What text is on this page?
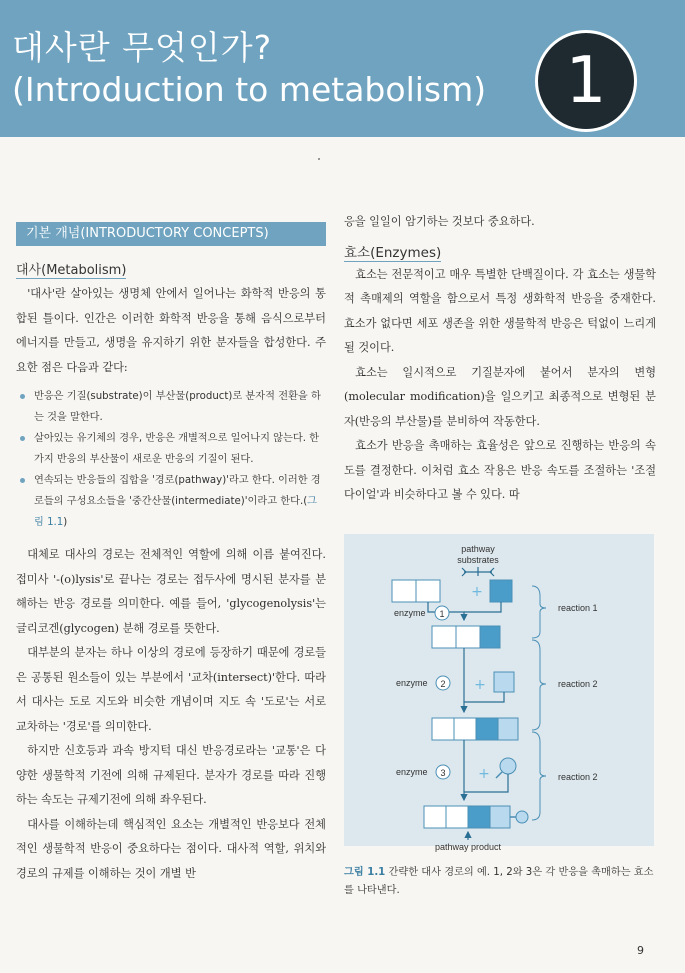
대사란 무엇인가?
(Introduction to metabolism)	1
기본 개념(INTRODUCTORY CONCEPTS)
대사(Metabolism)

'대사'란 살아있는 생명체 안에서 일어나는 화학적 반응의 통합된 틀이다. 인간은 이러한 화학적 반응을 통해 음식으로부터 에너지를 만들고, 생명을 유지하기 위한 분자들을 합성한다. 주요한 점은 다음과 같다:

반응은 기질(substrate)이 부산물(product)로 분자적 전환을 하는 것을 말한다.
살아있는 유기체의 경우, 반응은 개별적으로 일어나지 않는다. 한가지 반응의 부산물이 새로운 반응의 기질이 된다.
연속되는 반응들의 집합을 '경로(pathway)'라고 한다. 이러한 경로들의 구성요소들을 '중간산물(intermediate)'이라고 한다.(그림 1.1)

대체로 대사의 경로는 전체적인 역할에 의해 이름 붙여진다. 접미사 '-(o)lysis'로 끝나는 경로는 접두사에 명시된 분자를 분해하는 반응 경로를 의미한다. 예를 들어, 'glycogenolysis'는 글리코겐(glycogen) 분해 경로를 뜻한다.

대부분의 분자는 하나 이상의 경로에 등장하기 때문에 경로들은 공통된 원소들이 있는 부분에서 '교차(intersect)'한다. 따라서 대사는 도로 지도와 비슷한 개념이며 지도 속 '도로'는 서로 교차하는 '경로'를 의미한다.

하지만 신호등과 과속 방지턱 대신 반응경로라는 '교통'은 다양한 생물학적 기전에 의해 규제된다. 분자가 경로를 따라 진행하는 속도는 규제기전에 의해 좌우된다.

대사를 이해하는데 핵심적인 요소는 개별적인 반응보다 전체적인 생물학적 반응이 중요하다는 점이다. 대사적 역할, 위치와 경로의 규제를 이해하는 것이 개별 반

응을 일일이 암기하는 것보다 중요하다.

효소(Enzymes)

효소는 전문적이고 매우 특별한 단백질이다. 각 효소는 생물학적 촉매제의 역할을 함으로서 특정 생화학적 반응을 중재한다. 효소가 없다면 세포 생존을 위한 생물학적 반응은 턱없이 느리게 될 것이다.

효소는 일시적으로 기질분자에 붙어서 분자의 변형(molecular modification)을 일으키고 최종적으로 변형된 분자(반응의 부산물)를 분비하여 작동한다.

효소가 반응을 촉매하는 효율성은 앞으로 진행하는 반응의 속도를 결정한다. 이처럼 효소 작용은 반응 속도를 조절하는 '조절 다이얼'과 비슷하다고 볼 수 있다. 따

pathway
substrates
+
enzyme 1
enzyme 2 +
enzyme 3 +
pathway product
reaction 1
reaction 2
reaction 2
그림 1.1 간략한 대사 경로의 예. 1, 2와 3은 각 반응을 촉매하는 효소를 나타낸다.
9
